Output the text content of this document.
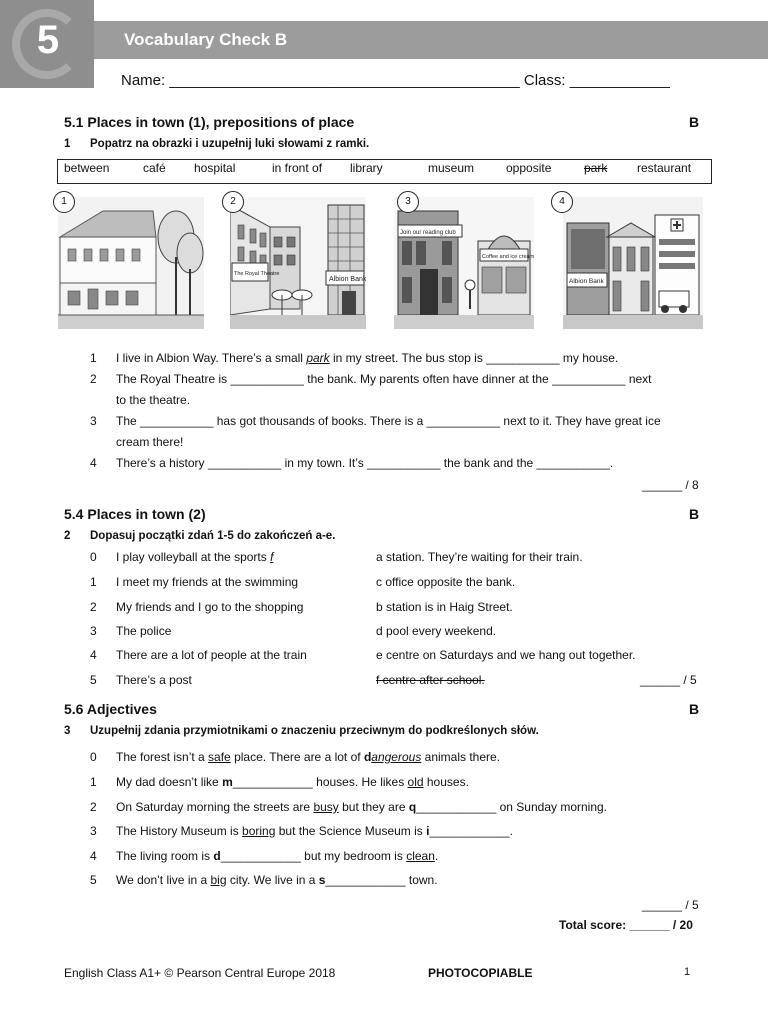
5	Vocabulary Check B
Name: __________________________________________ Class: ____________
5.1 Places in town (1), prepositions of place	B
1 Popatrz na obrazki i uzupełnij luki słowami z ramki.
between	café hospital	in front of library	museum	opposite	park restaurant
1
The Royal Theatre
Albion Bank
2
Join our reading club
Coffee and ice cream
3
Albion Bank
4
1 I live in Albion Way. There’s a small park in my street. The bus stop is ___________ my house.
2 The Royal Theatre is ___________ the bank. My parents often have dinner at the ___________ next
to the theatre.
3 The ___________ has got thousands of books. There is a ___________ next to it. They have great ice
cream there!
4 There’s a history ___________ in my town. It’s ___________ the bank and the ___________.
______ / 8
5.4 Places in town (2)	B
2 Dopasuj początki zdań 1-5 do zakończeń a-e.
0 I play volleyball at the sports f	a station. They’re waiting for their train.
1 I meet my friends at the swimming	c office opposite the bank.
2 My friends and I go to the shopping	b station is in Haig Street.
3 The police	d pool every weekend.
4 There are a lot of people at the train	e centre on Saturdays and we hang out together.
5 There’s a post	f centre after school.	______ / 5
5.6 Adjectives	B
3 Uzupełnij zdania przymiotnikami o znaczeniu przeciwnym do podkreślonych słów.
0 The forest isn’t a safe place. There are a lot of dangerous animals there.
1 My dad doesn’t like m____________ houses. He likes old houses.
2 On Saturday morning the streets are busy but they are q____________ on Sunday morning.
3 The History Museum is boring but the Science Museum is i____________.
4 The living room is d____________ but my bedroom is clean.
5 We don’t live in a big city. We live in a s____________ town.
______ / 5
Total score: ______ / 20
English Class A1+ © Pearson Central Europe 2018	PHOTOCOPIABLE	1
